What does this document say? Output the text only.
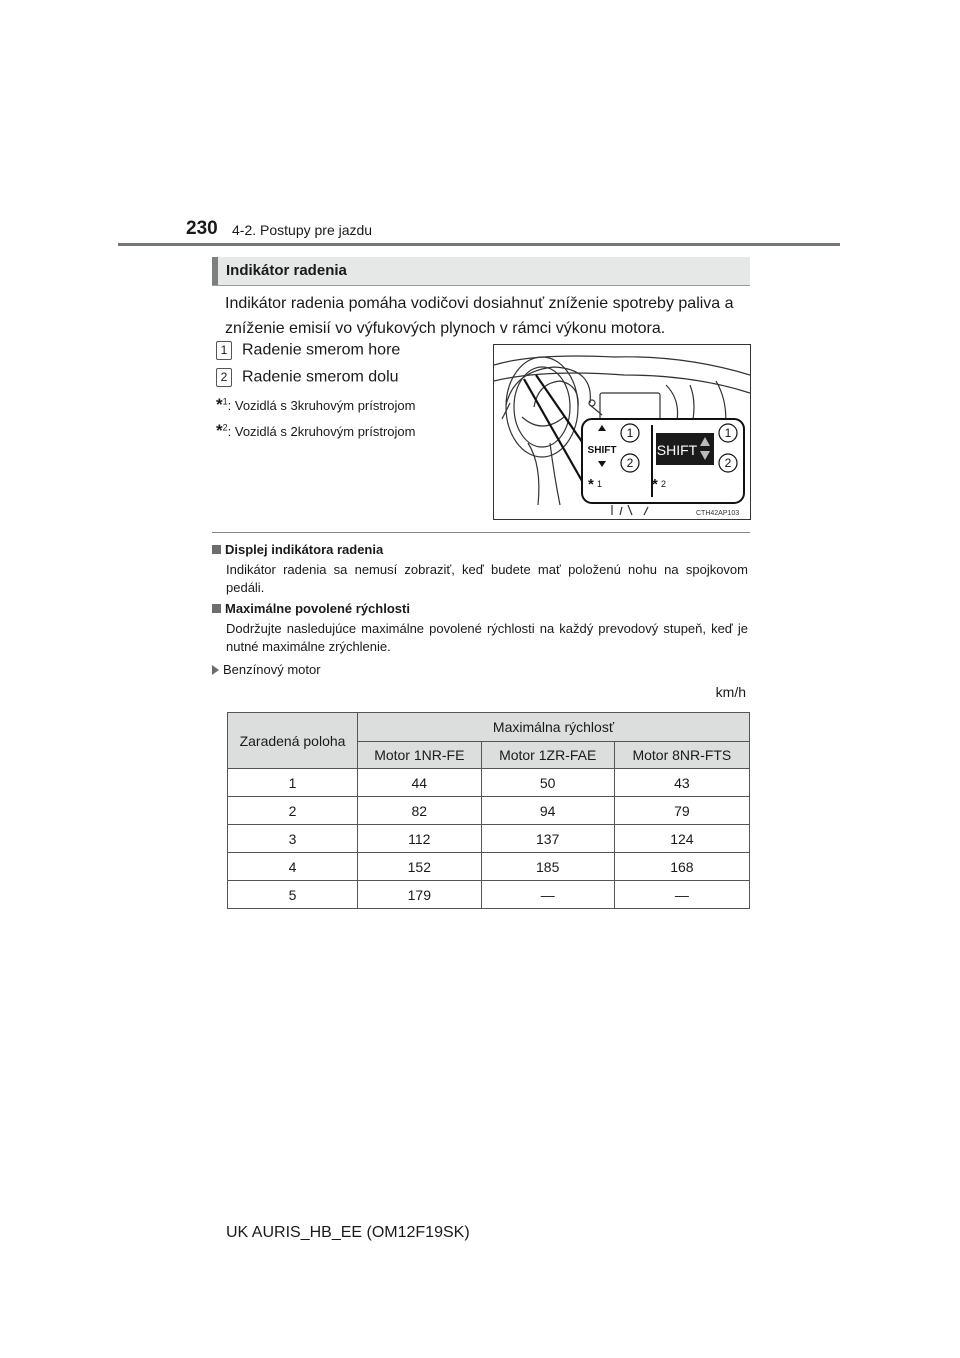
230 4-2. Postupy pre jazdu
Indikátor radenia
Indikátor radenia pomáha vodičovi dosiahnuť zníženie spotreby paliva a zníženie emisií vo výfukových plynoch v rámci výkonu motora.
1 Radenie smerom hore
2 Radenie smerom dolu
*$^1$: Vozidlá s 3kruhovým prístrojom
*$^2$: Vozidlá s 2kruhovým prístrojom
SHIFT
1
2
SHIFT
1
2
* 1	* 2
CTH42AP103
Displej indikátora radenia
Indikátor radenia sa nemusí zobraziť, keď budete mať položenú nohu na spojkovom pedáli.
Maximálne povolené rýchlosti
Dodržujte nasledujúce maximálne povolené rýchlosti na každý prevodový stupeň, keď je nutné maximálne zrýchlenie.
Benzínový motor
km/h
Zaradená poloha	Maximálna rýchlosť		
	Motor 1NR-FE	Motor 1ZR-FAE	Motor 8NR-FTS
1	44	50	43
2	82	94	79
3	112	137	124
4	152	185	168
5	179	—	—
UK AURIS_HB_EE (OM12F19SK)
